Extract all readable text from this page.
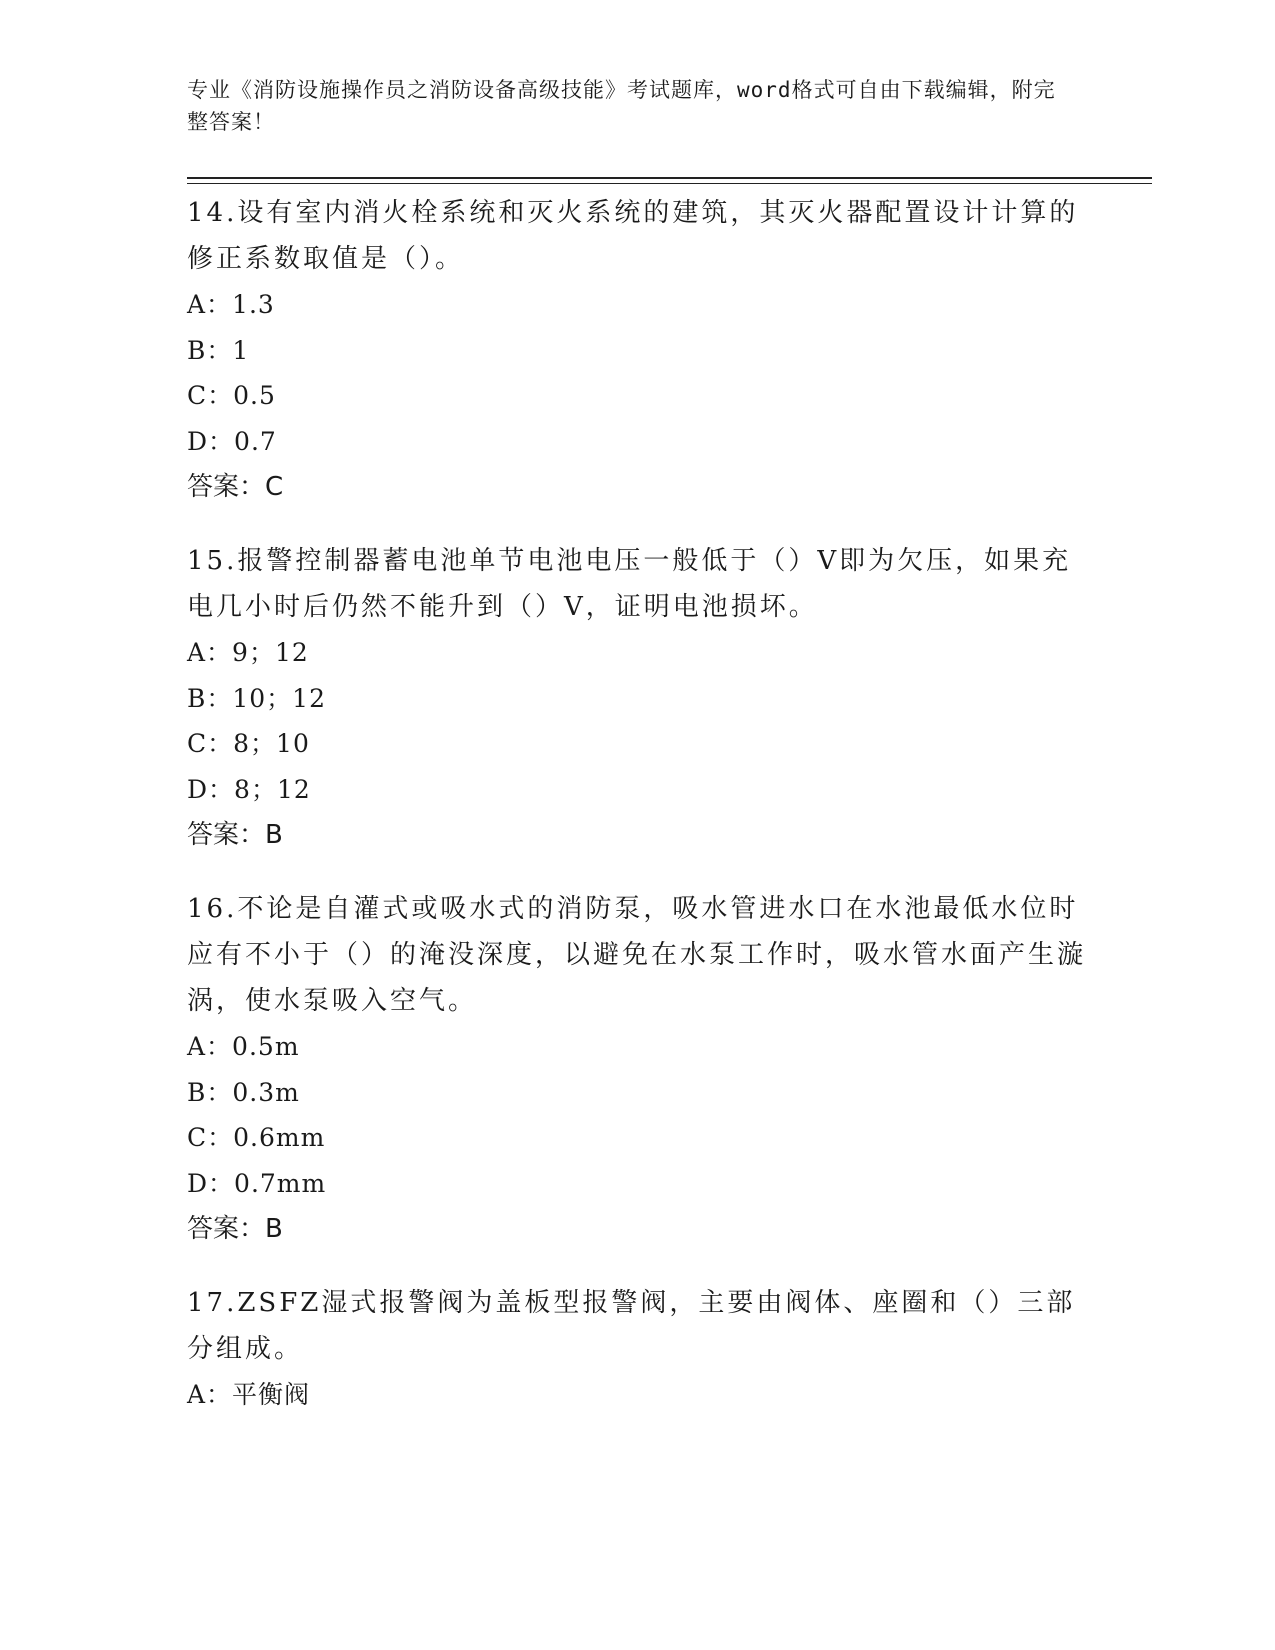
专业《消防设施操作员之消防设备高级技能》考试题库，word格式可自由下载编辑，附完整答案！

14.设有室内消火栓系统和灭火系统的建筑，其灭火器配置设计计算的修正系数取值是（）。

A：1.3

B：1

C：0.5

D：0.7

答案：C

15.报警控制器蓄电池单节电池电压一般低于（）V即为欠压，如果充电几小时后仍然不能升到（）V，证明电池损坏。

A：9；12

B：10；12

C：8；10

D：8；12

答案：B

16.不论是自灌式或吸水式的消防泵，吸水管进水口在水池最低水位时应有不小于（）的淹没深度，以避免在水泵工作时，吸水管水面产生漩涡，使水泵吸入空气。

A：0.5m

B：0.3m

C：0.6mm

D：0.7mm

答案：B

17.ZSFZ湿式报警阀为盖板型报警阀，主要由阀体、座圈和（）三部分组成。

A：平衡阀
